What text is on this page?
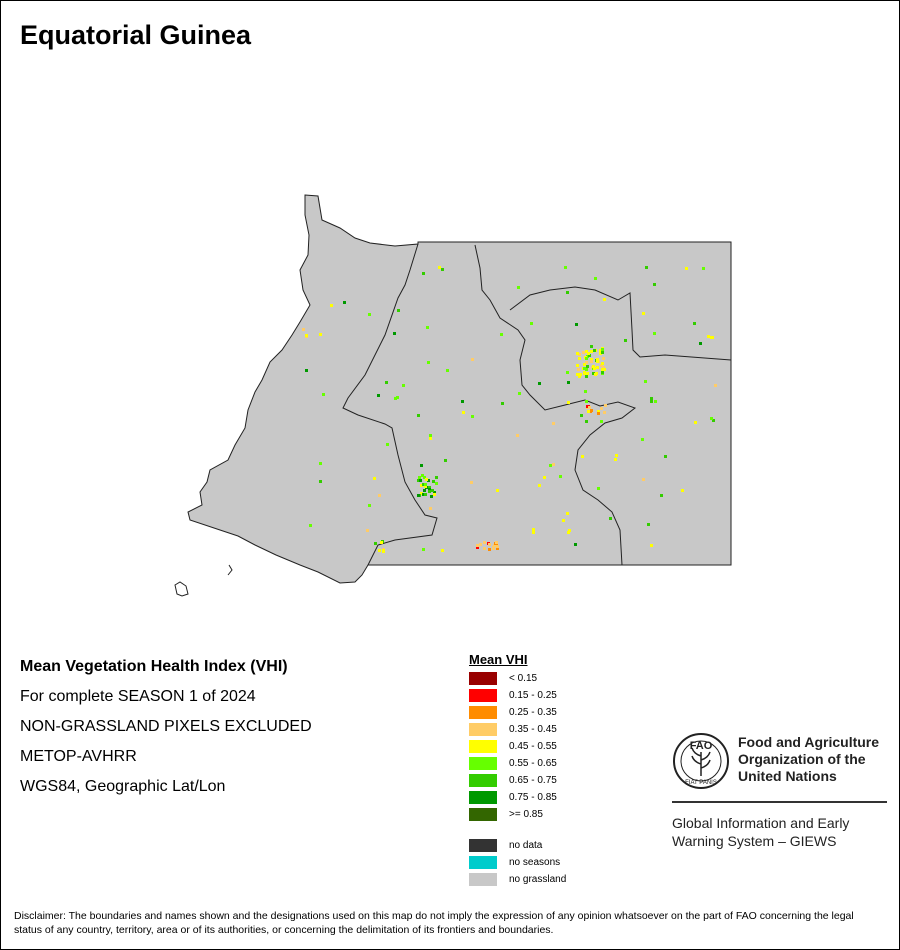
Equatorial Guinea
Mean Vegetation Health Index (VHI)
For complete SEASON 1 of 2024
NON-GRASSLAND PIXELS EXCLUDED
METOP-AVHRR
WGS84, Geographic Lat/Lon
Mean VHI
< 0.15
0.15 - 0.25
0.25 - 0.35
0.35 - 0.45
0.45 - 0.55
0.55 - 0.65
0.65 - 0.75
0.75 - 0.85
>= 0.85
no data
no seasons
no grassland
FAO
FIAT PANIS
Food and Agriculture
Organization of the
United Nations
Global Information and Early
Warning System – GIEWS
Disclaimer: The boundaries and names shown and the designations used on this map do not imply the expression of any opinion whatsoever on the part of FAO concerning the legal status of any country, territory, area or of its authorities, or concerning the delimitation of its frontiers and boundaries.
